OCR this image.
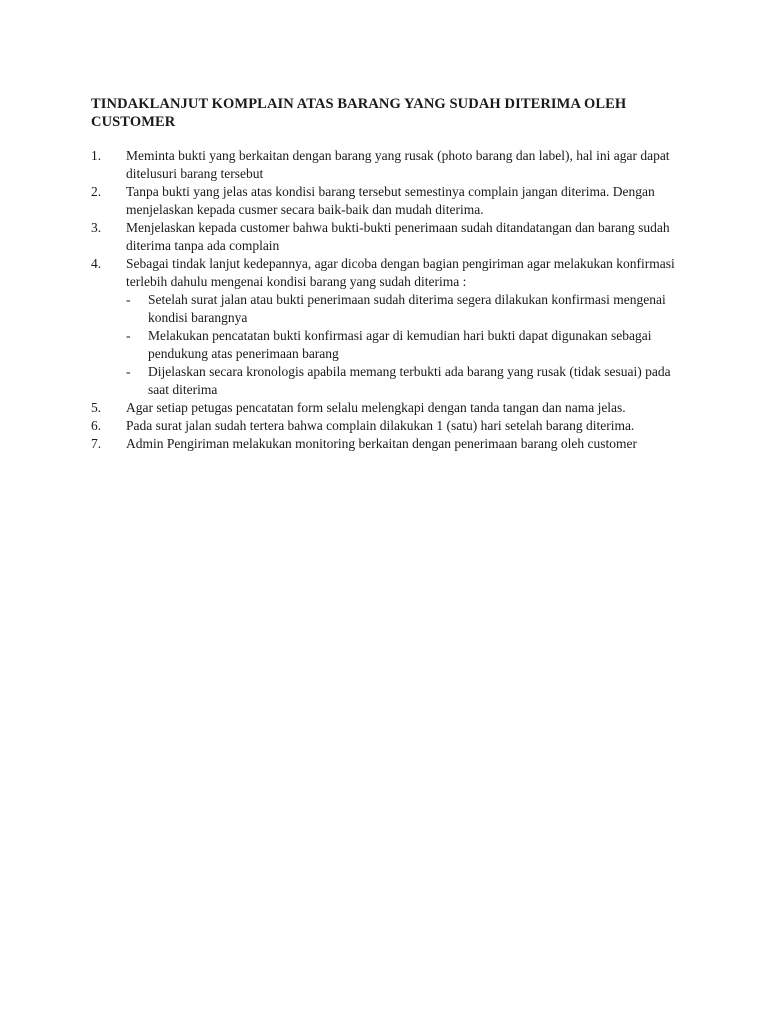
TINDAKLANJUT KOMPLAIN ATAS BARANG YANG SUDAH DITERIMA OLEH CUSTOMER
1.	Meminta bukti yang berkaitan dengan barang yang rusak (photo barang dan label), hal ini agar dapat ditelusuri barang tersebut
2.	Tanpa bukti yang jelas atas kondisi barang tersebut semestinya complain jangan diterima. Dengan menjelaskan kepada cusmer secara baik-baik dan mudah diterima.
3.	Menjelaskan kepada customer bahwa bukti-bukti penerimaan sudah ditandatangan dan barang sudah diterima tanpa ada complain
4.	Sebagai tindak lanjut kedepannya, agar dicoba dengan bagian pengiriman agar melakukan konfirmasi terlebih dahulu mengenai kondisi barang yang sudah diterima :
- Setelah surat jalan atau bukti penerimaan sudah diterima segera dilakukan konfirmasi mengenai kondisi barangnya
- Melakukan pencatatan bukti konfirmasi agar di kemudian hari bukti dapat digunakan sebagai pendukung atas penerimaan barang
- Dijelaskan secara kronologis apabila memang terbukti ada barang yang rusak (tidak sesuai) pada saat diterima
5.	Agar setiap petugas pencatatan form selalu melengkapi dengan tanda tangan dan nama jelas.
6.	Pada surat jalan sudah tertera bahwa complain dilakukan 1 (satu) hari setelah barang diterima.
7.	Admin Pengiriman melakukan monitoring berkaitan dengan penerimaan barang oleh customer
